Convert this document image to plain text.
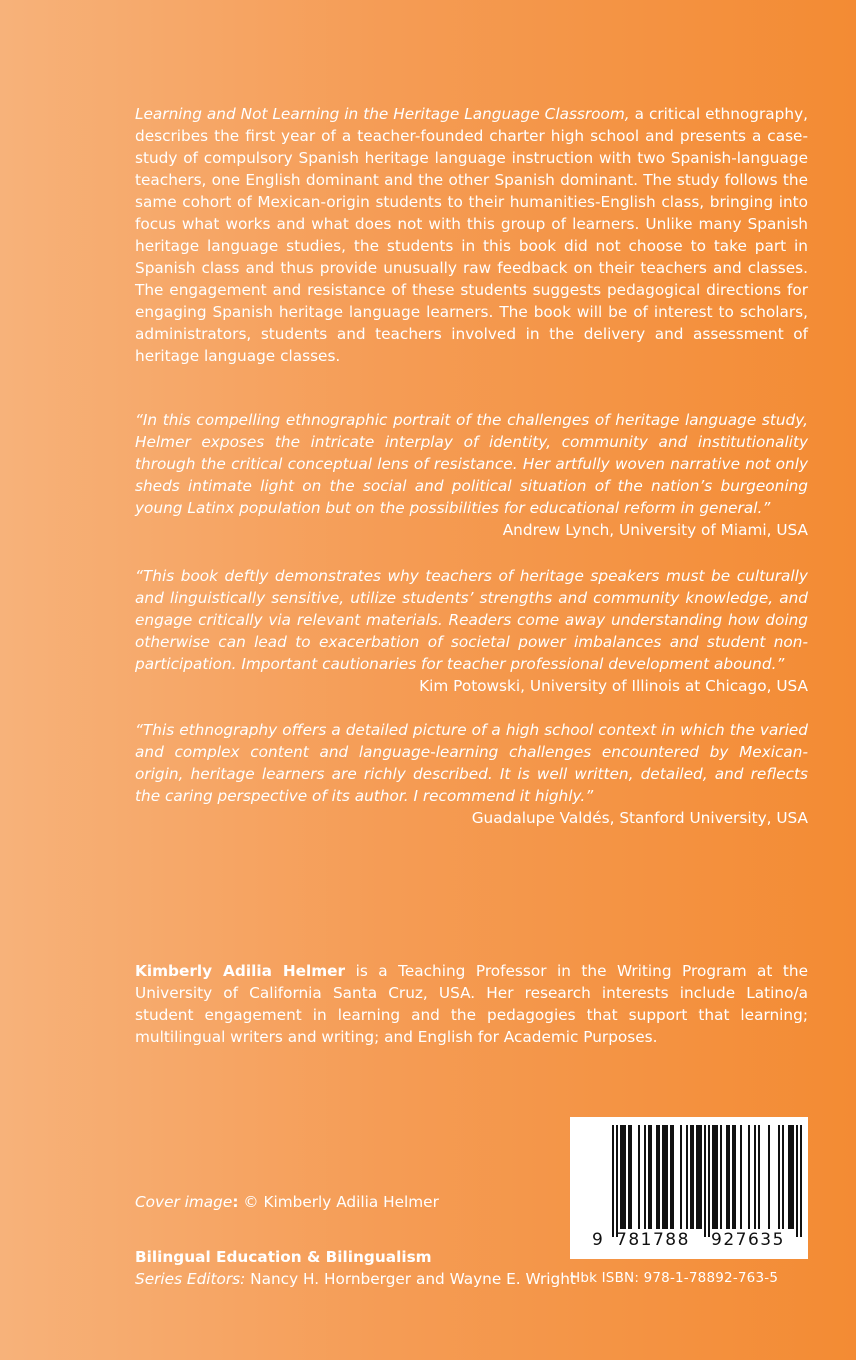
Learning and Not Learning in the Heritage Language Classroom, a critical ethnography, describes the first year of a teacher-founded charter high school and presents a case-study of compulsory Spanish heritage language instruction with two Spanish-language teachers, one English dominant and the other Spanish dominant. The study follows the same cohort of Mexican-origin students to their humanities-English class, bringing into focus what works and what does not with this group of learners. Unlike many Spanish heritage language studies, the students in this book did not choose to take part in Spanish class and thus provide unusually raw feedback on their teachers and classes. The engagement and resistance of these students suggests pedagogical directions for engaging Spanish heritage language learners. The book will be of interest to scholars, administrators, students and teachers involved in the delivery and assessment of heritage language classes.
“In this compelling ethnographic portrait of the challenges of heritage language study, Helmer exposes the intricate interplay of identity, community and institutionality through the critical conceptual lens of resistance. Her artfully woven narrative not only sheds intimate light on the social and political situation of the nation’s burgeoning young Latinx population but on the possibilities for educational reform in general.”
Andrew Lynch, University of Miami, USA
“This book deftly demonstrates why teachers of heritage speakers must be culturally and linguistically sensitive, utilize students’ strengths and community knowledge, and engage critically via relevant materials. Readers come away understanding how doing otherwise can lead to exacerbation of societal power imbalances and student non-participation. Important cautionaries for teacher professional development abound.”
Kim Potowski, University of Illinois at Chicago, USA
“This ethnography offers a detailed picture of a high school context in which the varied and complex content and language-learning challenges encountered by Mexican-origin, heritage learners are richly described. It is well written, detailed, and reflects the caring perspective of its author. I recommend it highly.”
Guadalupe Valdés, Stanford University, USA
Kimberly Adilia Helmer is a Teaching Professor in the Writing Program at the University of California Santa Cruz, USA. Her research interests include Latino/a student engagement in learning and the pedagogies that support that learning; multilingual writers and writing; and English for Academic Purposes.
Cover image: © Kimberly Adilia Helmer
Bilingual Education & Bilingualism
Series Editors: Nancy H. Hornberger and Wayne E. Wright
9 781788 927635
Hbk ISBN: 978-1-78892-763-5
